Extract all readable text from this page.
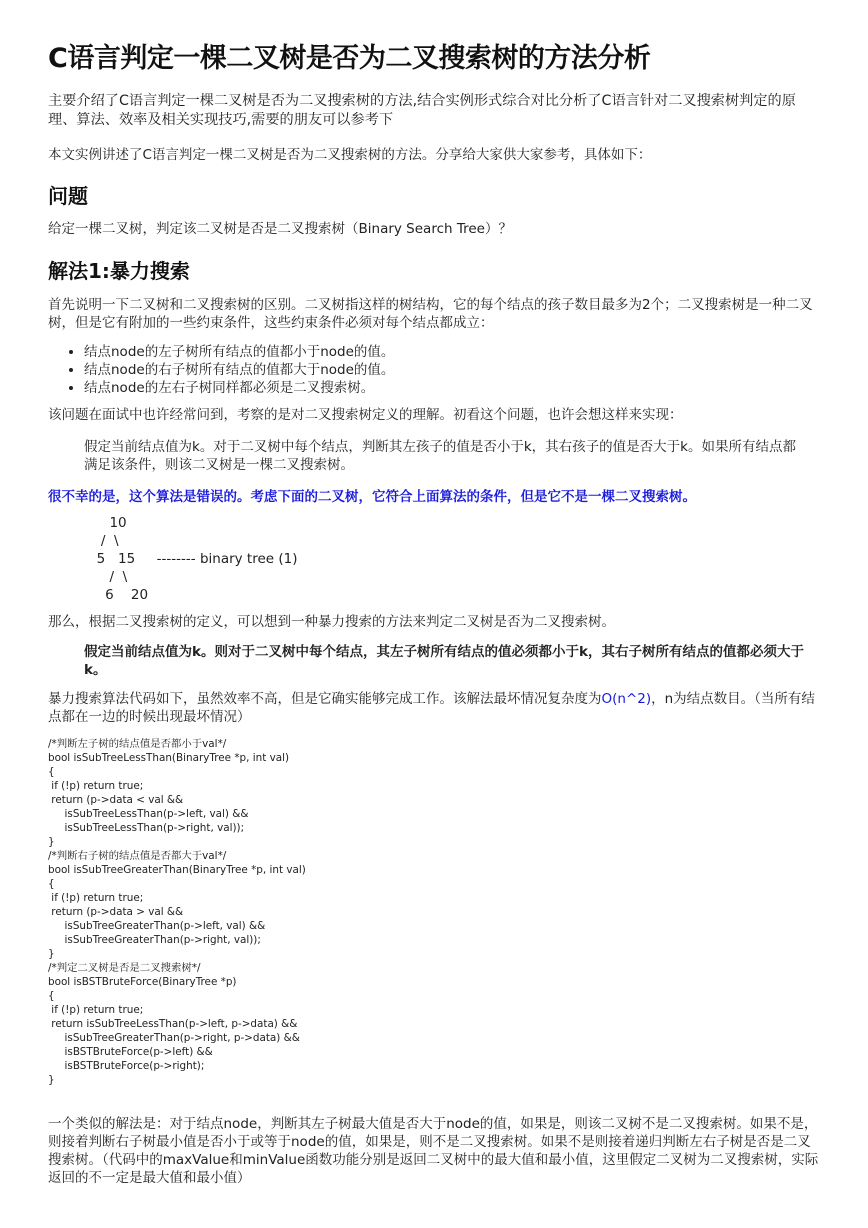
C语言判定一棵二叉树是否为二叉搜索树的方法分析

主要介绍了C语言判定一棵二叉树是否为二叉搜索树的方法,结合实例形式综合对比分析了C语言针对二叉搜索树判定的原理、算法、效率及相关实现技巧,需要的朋友可以参考下

本文实例讲述了C语言判定一棵二叉树是否为二叉搜索树的方法。分享给大家供大家参考，具体如下：

问题

给定一棵二叉树，判定该二叉树是否是二叉搜索树（Binary Search Tree）？

解法1:暴力搜索

首先说明一下二叉树和二叉搜索树的区别。二叉树指这样的树结构，它的每个结点的孩子数目最多为2个；二叉搜索树是一种二叉树，但是它有附加的一些约束条件，这些约束条件必须对每个结点都成立：

• 结点node的左子树所有结点的值都小于node的值。
• 结点node的右子树所有结点的值都大于node的值。
• 结点node的左右子树同样都必须是二叉搜索树。

该问题在面试中也许经常问到，考察的是对二叉搜索树定义的理解。初看这个问题，也许会想这样来实现：

假定当前结点值为k。对于二叉树中每个结点，判断其左孩子的值是否小于k，其右孩子的值是否大于k。如果所有结点都满足该条件，则该二叉树是一棵二叉搜索树。

很不幸的是，这个算法是错误的。考虑下面的二叉树，它符合上面算法的条件，但是它不是一棵二叉搜索树。

10
/  \
5   15     -------- binary tree (1)
/  \
6    20

那么，根据二叉搜索树的定义，可以想到一种暴力搜索的方法来判定二叉树是否为二叉搜索树。

假定当前结点值为k。则对于二叉树中每个结点，其左子树所有结点的值必须都小于k，其右子树所有结点的值都必须大于k。

暴力搜索算法代码如下，虽然效率不高，但是它确实能够完成工作。该解法最坏情况复杂度为O(n^2)，n为结点数目。（当所有结点都在一边的时候出现最坏情况）

/*判断左子树的结点值是否都小于val*/
bool isSubTreeLessThan(BinaryTree *p, int val)
{
if (!p) return true;
return (p->data < val &&
isSubTreeLessThan(p->left, val) &&
isSubTreeLessThan(p->right, val));
}
/*判断右子树的结点值是否都大于val*/
bool isSubTreeGreaterThan(BinaryTree *p, int val)
{
if (!p) return true;
return (p->data > val &&
isSubTreeGreaterThan(p->left, val) &&
isSubTreeGreaterThan(p->right, val));
}
/*判定二叉树是否是二叉搜索树*/
bool isBSTBruteForce(BinaryTree *p)
{
if (!p) return true;
return isSubTreeLessThan(p->left, p->data) &&
isSubTreeGreaterThan(p->right, p->data) &&
isBSTBruteForce(p->left) &&
isBSTBruteForce(p->right);
}

一个类似的解法是：对于结点node，判断其左子树最大值是否大于node的值，如果是，则该二叉树不是二叉搜索树。如果不是，则接着判断右子树最小值是否小于或等于node的值，如果是，则不是二叉搜索树。如果不是则接着递归判断左右子树是否是二叉搜索树。（代码中的maxValue和minValue函数功能分别是返回二叉树中的最大值和最小值，这里假定二叉树为二叉搜索树，实际返回的不一定是最大值和最小值）
